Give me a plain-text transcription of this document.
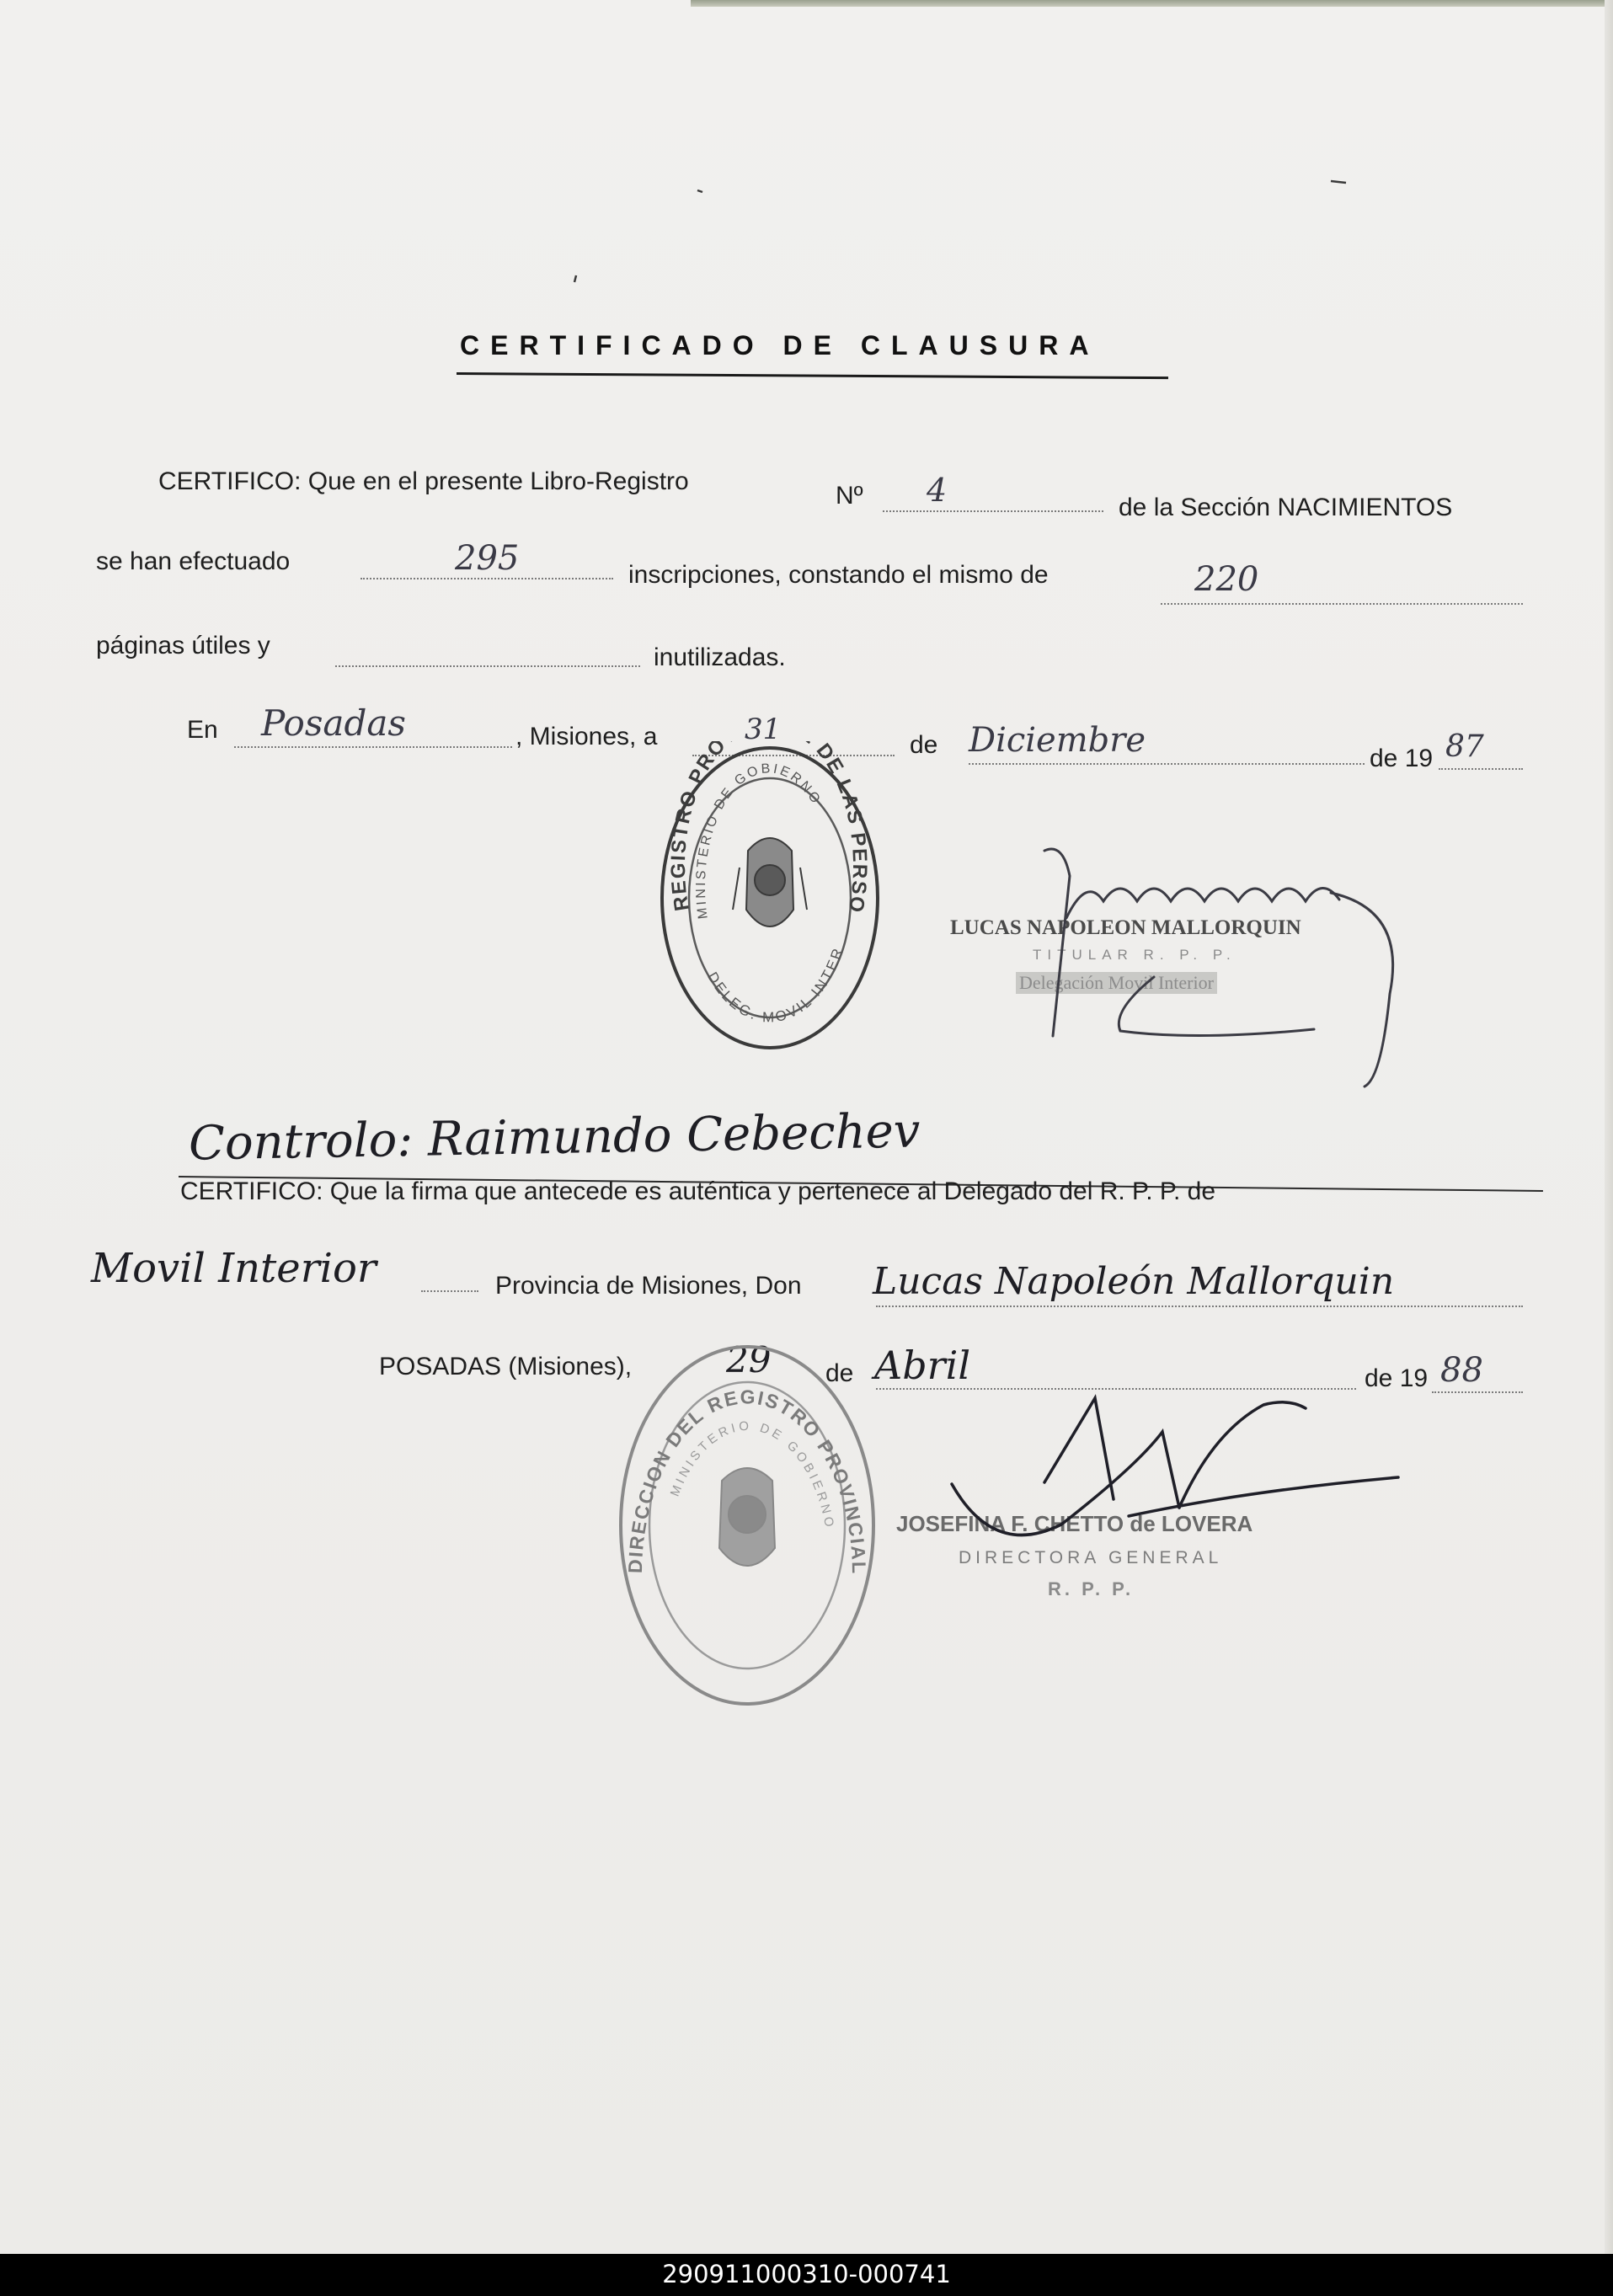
CERTIFICADO DE CLAUSURA
CERTIFICO: Que en el presente Libro-Registro
Nº 4	de la Sección NACIMIENTOS
se han efectuado	295	inscripciones, constando el mismo de	220
páginas útiles y	inutilizadas.
En Posadas	, Misiones, a	31	de Diciembre	de 19 87
REGISTRO PRO DE LAS PERSO
MINISTERIO DE GOBIERNO
DELEG. MOVIL INTER
LUCAS NAPOLEON MALLORQUIN
TITULAR R. P. P.
Delegación Movil Interior
Controlo: Raimundo Cebechev
CERTIFICO: Que la firma que antecede es auténtica y pertenece al Delegado del R. P. P. de
Movil Interior	Provincia de Misiones, Don Lucas Napoleón Mallorquin
POSADAS (Misiones),	29 de Abril	de 19 88
DIRECCION DEL REGISTRO PROVINCIAL
MINISTERIO DE GOBIERNO	JOSEFINA F. CHETTO de LOVERA
DIRECTORA GENERAL
R. P. P.
290911000310-000741
